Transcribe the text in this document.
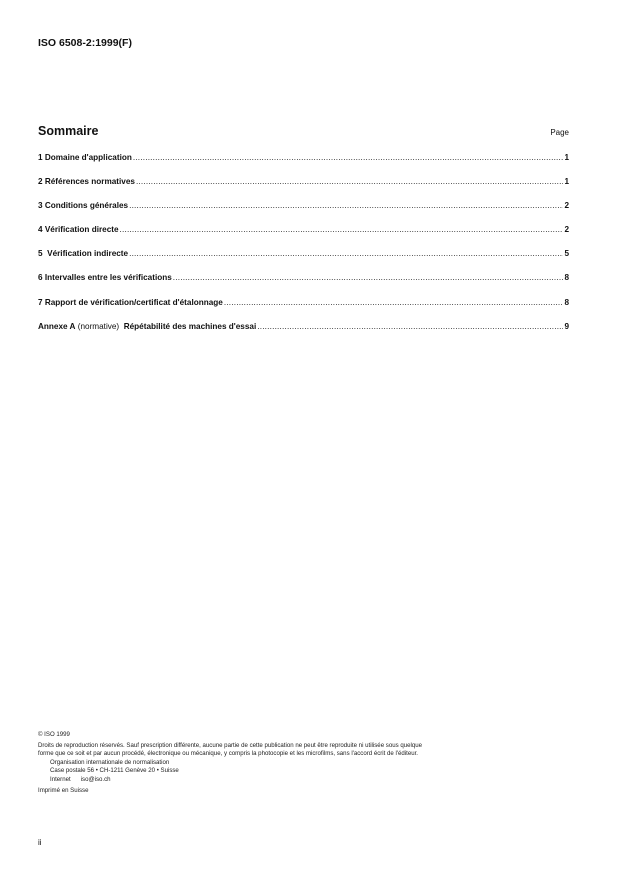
ISO 6508-2:1999(F)
Sommaire	Page
1 Domaine d'application .....	1
2 Références normatives .....	1
3 Conditions générales .....	2
4 Vérification directe .....	2
5  Vérification indirecte .....	5
6 Intervalles entre les vérifications .....	8
7 Rapport de vérification/certificat d'étalonnage .....	8
Annexe A (normative)  Répétabilité des machines d'essai .....	9

© ISO 1999

Droits de reproduction réservés. Sauf prescription différente, aucune partie de cette publication ne peut être reproduite ni utilisée sous quelque

forme que ce soit et par aucun procédé, électronique ou mécanique, y compris la photocopie et les microfilms, sans l'accord écrit de l'éditeur.

Organisation internationale de normalisation

Case postale 56 • CH-1211 Genève 20 • Suisse

Internet iso@iso.ch

Imprimé en Suisse

ii
